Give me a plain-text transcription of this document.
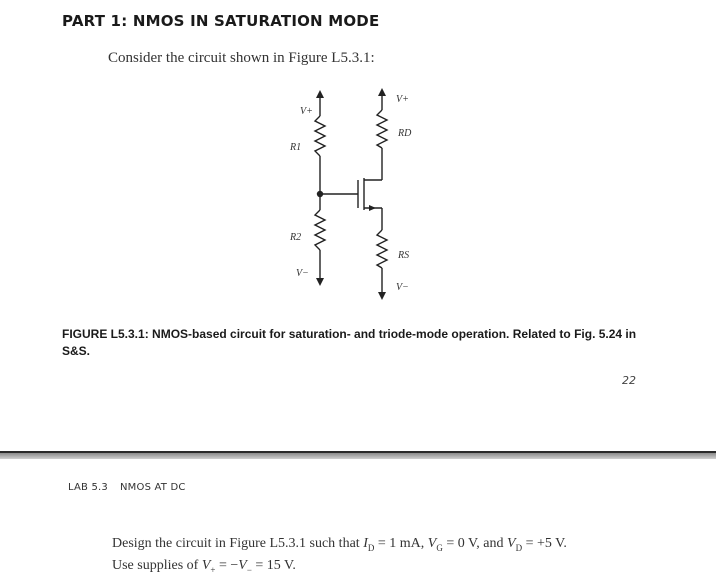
PART 1: NMOS IN SATURATION MODE
Consider the circuit shown in Figure L5.3.1:
V+
R1
R2
V−
V+
RD
RS
V−
FIGURE L5.3.1: NMOS-based circuit for saturation- and triode-mode operation. Related to Fig. 5.24 in S&S.
22
LAB 5.3 NMOS AT DC
Design the circuit in Figure L5.3.1 such that $I_D = 1$ mA, $V_G = 0$ V, and $V_D = +5$ V.
Use supplies of $V_+ = -V_- = 15$ V.
